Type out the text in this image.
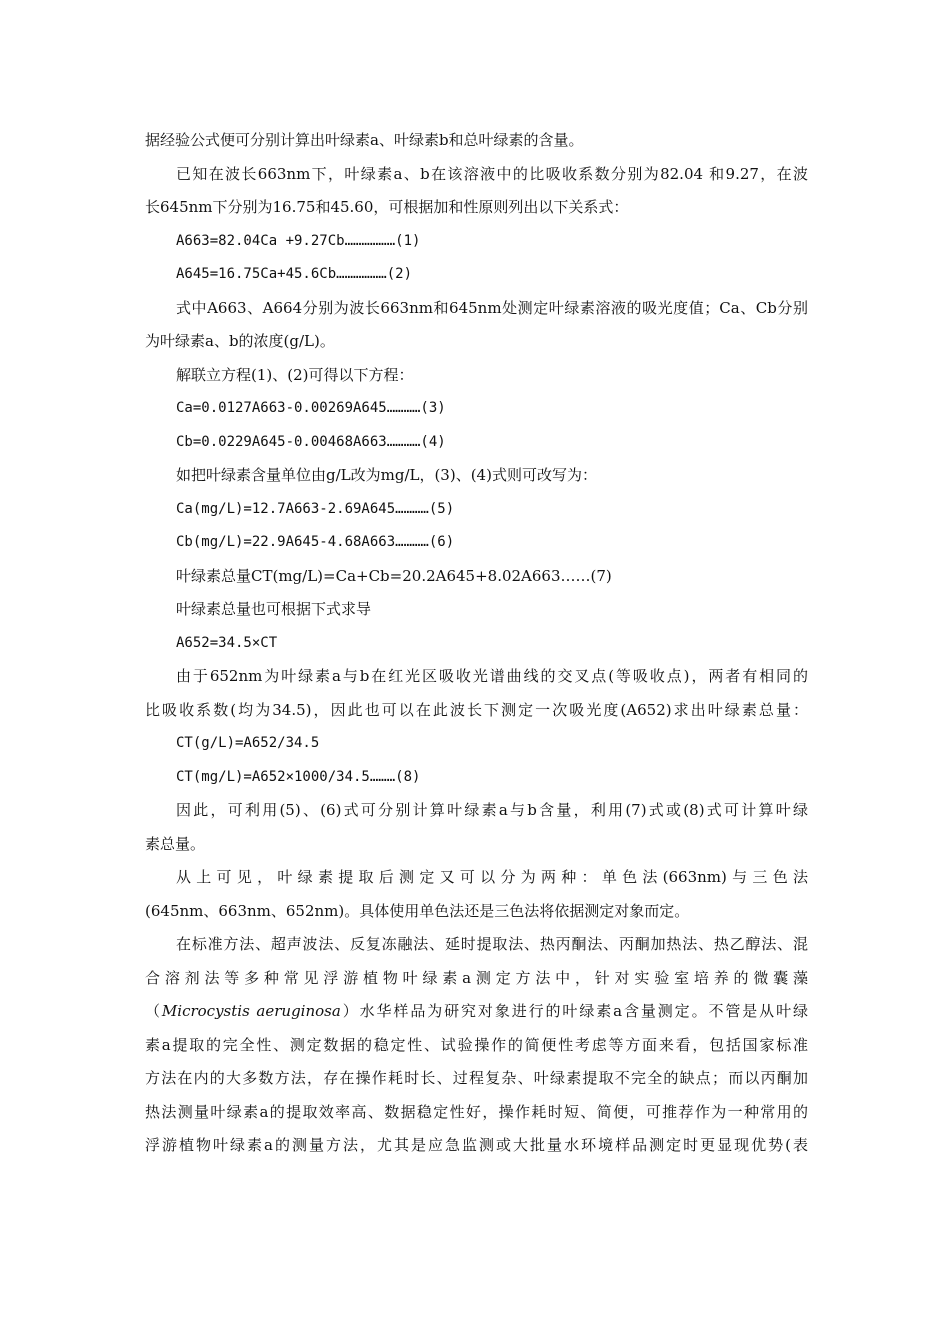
据经验公式便可分别计算出叶绿素a、叶绿素b和总叶绿素的含量。
已知在波长663nm下，叶绿素a、b在该溶液中的比吸收系数分别为82.04 和9.27，在波
长645nm下分别为16.75和45.60，可根据加和性原则列出以下关系式：
A663=82.04Ca +9.27Cb………………(1)
A645=16.75Ca+45.6Cb………………(2)
式中A663、A664分别为波长663nm和645nm处测定叶绿素溶液的吸光度值；Ca、Cb分别
为叶绿素a、b的浓度(g/L)。
解联立方程(1)、(2)可得以下方程：
Ca=0.0127A663-0.00269A645…………(3)
Cb=0.0229A645-0.00468A663…………(4)
如把叶绿素含量单位由g/L改为mg/L，(3)、(4)式则可改写为：
Ca(mg/L)=12.7A663-2.69A645…………(5)
Cb(mg/L)=22.9A645-4.68A663…………(6)
叶绿素总量CT(mg/L)=Ca+Cb=20.2A645+8.02A663……(7)
叶绿素总量也可根据下式求导
A652=34.5×CT
由于652nm为叶绿素a与b在红光区吸收光谱曲线的交叉点(等吸收点)，两者有相同的
比吸收系数(均为34.5)，因此也可以在此波长下测定一次吸光度(A652)求出叶绿素总量：
CT(g/L)=A652/34.5
CT(mg/L)=A652×1000/34.5………(8)
因此，可利用(5)、(6)式可分别计算叶绿素a与b含量，利用(7)式或(8)式可计算叶绿
素总量。
从上可见，叶绿素提取后测定又可以分为两种：单色法(663nm)与三色法
(645nm、663nm、652nm)。具体使用单色法还是三色法将依据测定对象而定。
在标准方法、超声波法、反复冻融法、延时提取法、热丙酮法、丙酮加热法、热乙醇法、混
合溶剂法等多种常见浮游植物叶绿素a测定方法中，针对实验室培养的微囊藻
（Microcystis aeruginosa）水华样品为研究对象进行的叶绿素a含量测定。不管是从叶绿
素a提取的完全性、测定数据的稳定性、试验操作的简便性考虑等方面来看，包括国家标准
方法在内的大多数方法，存在操作耗时长、过程复杂、叶绿素提取不完全的缺点；而以丙酮加
热法测量叶绿素a的提取效率高、数据稳定性好，操作耗时短、简便，可推荐作为一种常用的
浮游植物叶绿素a的测量方法，尤其是应急监测或大批量水环境样品测定时更显现优势(表
